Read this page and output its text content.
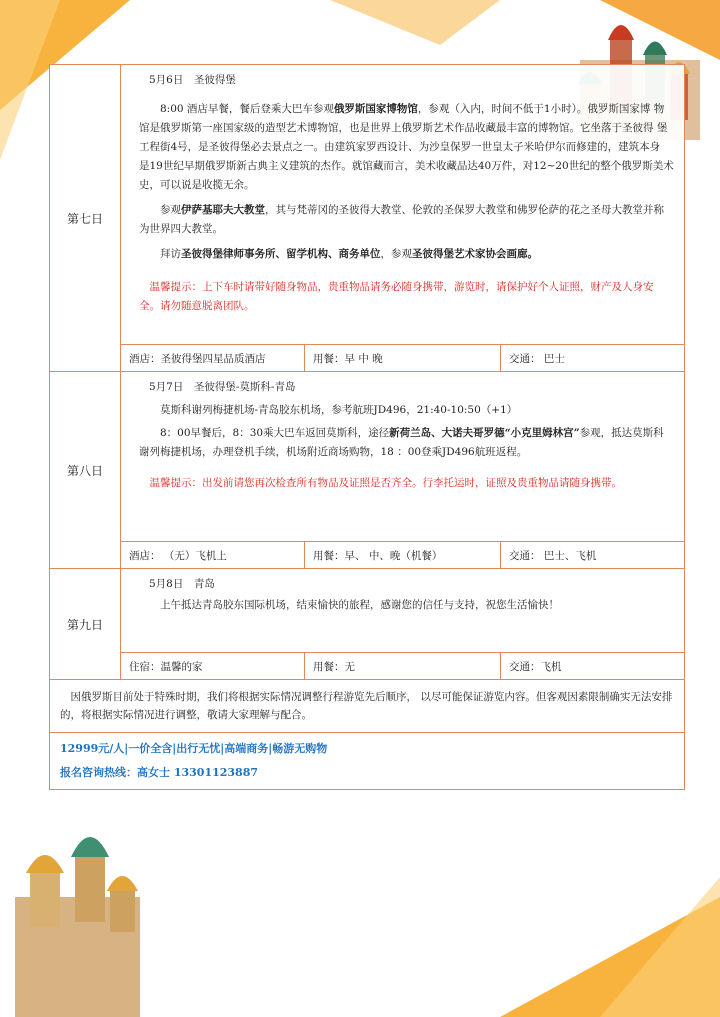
第七日
5月6日  圣彼得堡

8:00 酒店早餐，餐后登乘大巴车参观俄罗斯国家博物馆，参观（入内，时间不低于1小时）。俄罗斯国家博 物馆是俄罗斯第一座国家级的造型艺术博物馆，也是世界上俄罗斯艺术作品收藏最丰富的博物馆。它坐落于圣彼得 堡工程街4号，是圣彼得堡必去景点之一。由建筑家罗西设计、为沙皇保罗一世皇太子米哈伊尔而修建的，建筑本身 是19世纪早期俄罗斯新古典主义建筑的杰作。就馆藏而言，美术收藏品达40万件，对12~20世纪的整个俄罗斯美术 史，可以说是收揽无余。

参观伊萨基耶夫大教堂，其与梵蒂冈的圣彼得大教堂、伦敦的圣保罗大教堂和佛罗伦萨的花之圣母大教堂并称为世界四大教堂。

拜访圣彼得堡律师事务所、留学机构、商务单位，参观圣彼得堡艺术家协会画廊。

温馨提示：上下车时请带好随身物品，贵重物品请务必随身携带，游览时，请保护好个人证照，财产及人身安全。请勿随意脱离团队。

酒店：圣彼得堡四星品质酒店	用餐：早 中 晚	交通： 巴士
第八日
5月7日  圣彼得堡-莫斯科-青岛

莫斯科谢列梅捷机场-青岛胶东机场，参考航班JD496，21:40-10:50（+1）

8：00早餐后，8：30乘大巴车返回莫斯科，途径新荷兰岛、大诺夫哥罗德“小克里姆林宫”参观，抵达莫斯科谢列梅捷机场，办理登机手续，机场附近商场购物，18 ：00登乘JD496航班返程。

温馨提示：出发前请您再次检查所有物品及证照是否齐全。行李托运时，证照及贵重物品请随身携带。

酒店： （无）飞机上	用餐：早、 中、晚（机餐）	交通： 巴士、飞机
第九日
5月8日  青岛

上午抵达青岛胶东国际机场，结束愉快的旅程，感谢您的信任与支持，祝您生活愉快！

住宿：温馨的家	用餐：无	交通：飞机
因俄罗斯目前处于特殊时期，我们将根据实际情况调整行程游览先后顺序， 以尽可能保证游览内容。但客观因素限制确实无法安排的，将根据实际情况进行调整，敬请大家理解与配合。
12999元/人|一价全含|出行无忧|高端商务|畅游无购物
报名咨询热线：高女士 13301123887
